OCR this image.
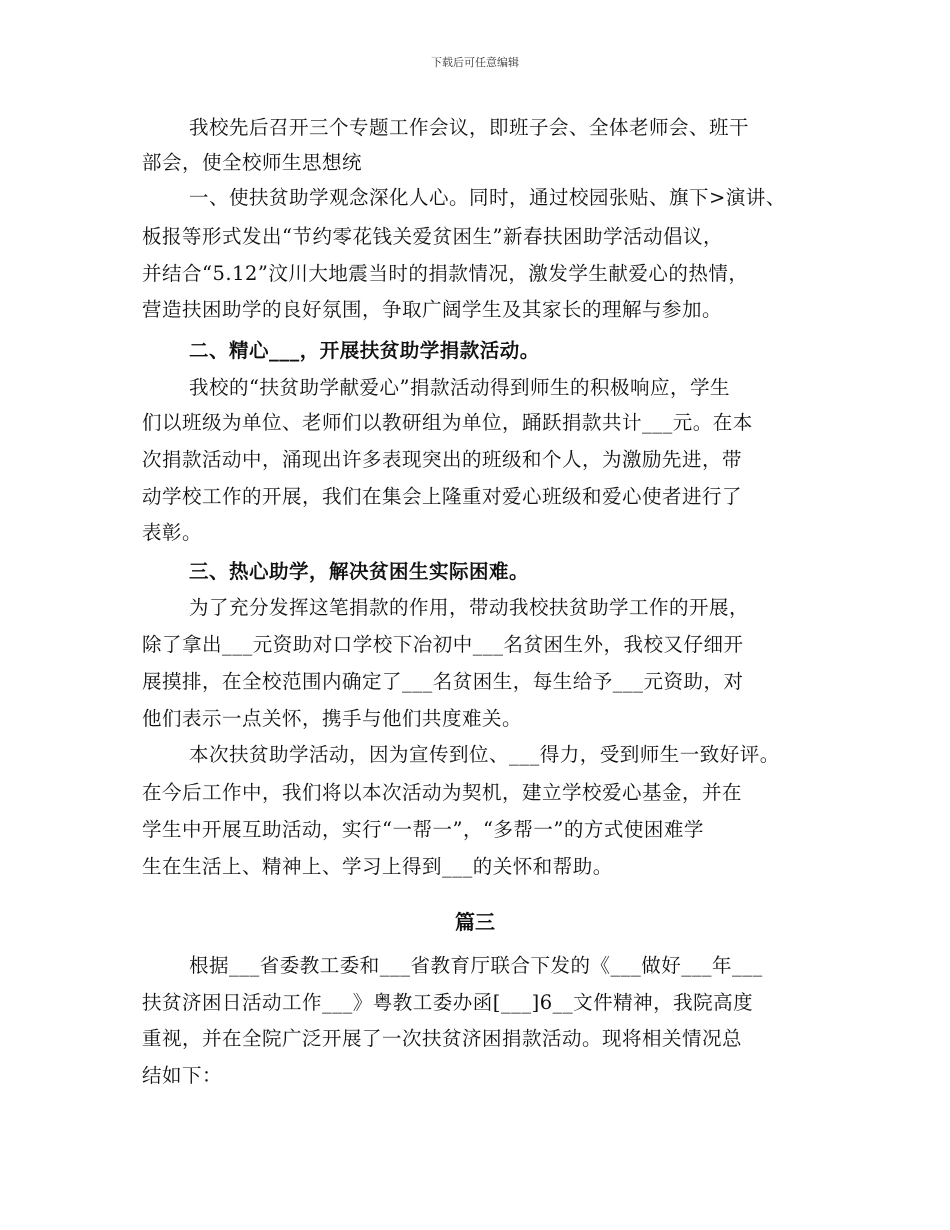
下载后可任意编辑
我校先后召开三个专题工作会议，即班子会、全体老师会、班干
部会，使全校师生思想统
一、使扶贫助学观念深化人心。同时，通过校园张贴、旗下>演讲、
板报等形式发出“节约零花钱关爱贫困生”新春扶困助学活动倡议，
并结合“5.12”汶川大地震当时的捐款情况，激发学生献爱心的热情，
营造扶困助学的良好氛围，争取广阔学生及其家长的理解与参加。
二、精心___，开展扶贫助学捐款活动。
我校的“扶贫助学献爱心”捐款活动得到师生的积极响应，学生
们以班级为单位、老师们以教研组为单位，踊跃捐款共计___元。在本
次捐款活动中，涌现出许多表现突出的班级和个人，为激励先进，带
动学校工作的开展，我们在集会上隆重对爱心班级和爱心使者进行了
表彰。
三、热心助学，解决贫困生实际困难。
为了充分发挥这笔捐款的作用，带动我校扶贫助学工作的开展，
除了拿出___元资助对口学校下冶初中___名贫困生外，我校又仔细开
展摸排，在全校范围内确定了___名贫困生，每生给予___元资助，对
他们表示一点关怀，携手与他们共度难关。
本次扶贫助学活动，因为宣传到位、___得力，受到师生一致好评。
在今后工作中，我们将以本次活动为契机，建立学校爱心基金，并在
学生中开展互助活动，实行“一帮一”，“多帮一”的方式使困难学
生在生活上、精神上、学习上得到___的关怀和帮助。
篇三
根据___省委教工委和___省教育厅联合下发的《___做好___年___
扶贫济困日活动工作___》粤教工委办函[___]6__文件精神，我院高度
重视，并在全院广泛开展了一次扶贫济困捐款活动。现将相关情况总
结如下：
